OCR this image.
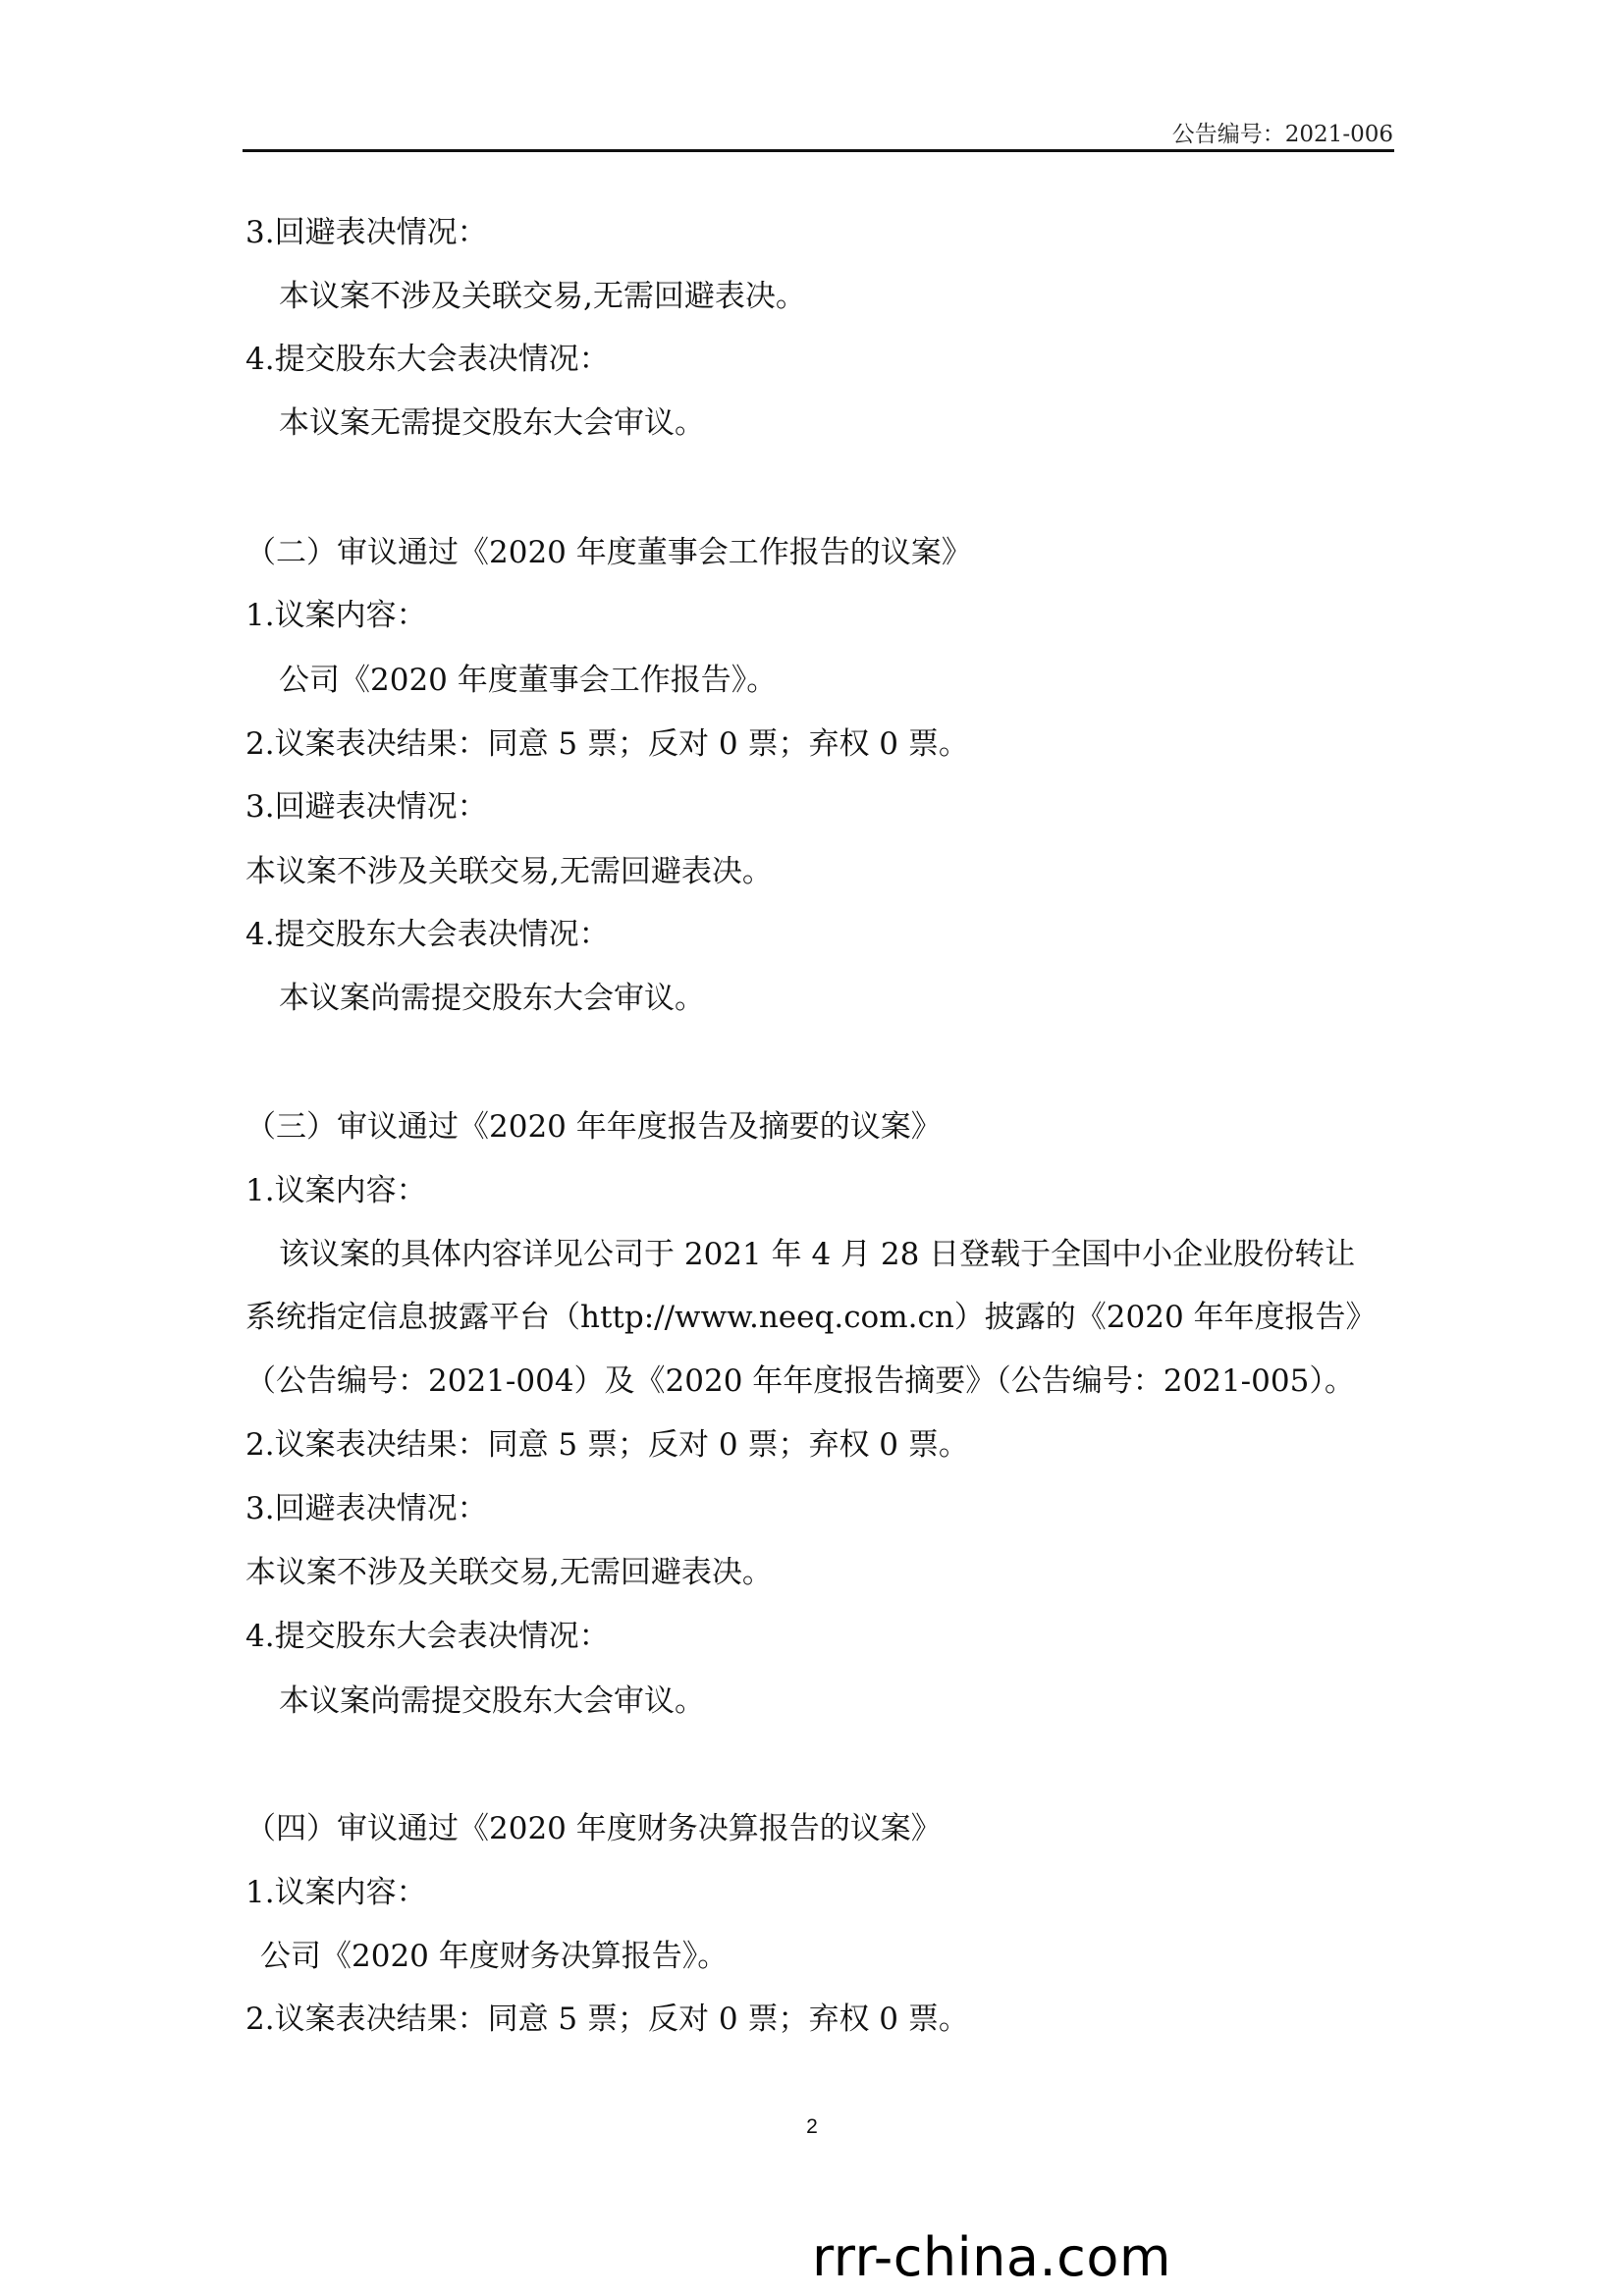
公告编号：2021-006
3.回避表决情况：
本议案不涉及关联交易,无需回避表决。
4.提交股东大会表决情况：
本议案无需提交股东大会审议。
（二）审议通过《2020 年度董事会工作报告的议案》
1.议案内容：
公司《2020 年度董事会工作报告》。
2.议案表决结果：同意 5 票；反对 0 票；弃权 0 票。
3.回避表决情况：
本议案不涉及关联交易,无需回避表决。
4.提交股东大会表决情况：
本议案尚需提交股东大会审议。
（三）审议通过《2020 年年度报告及摘要的议案》
1.议案内容：
该议案的具体内容详见公司于 2021 年 4 月 28 日登载于全国中小企业股份转让
系统指定信息披露平台（http://www.neeq.com.cn）披露的《2020 年年度报告》
（公告编号：2021-004）及《2020 年年度报告摘要》（公告编号：2021-005）。
2.议案表决结果：同意 5 票；反对 0 票；弃权 0 票。
3.回避表决情况：
本议案不涉及关联交易,无需回避表决。
4.提交股东大会表决情况：
本议案尚需提交股东大会审议。
（四）审议通过《2020 年度财务决算报告的议案》
1.议案内容：
公司《2020 年度财务决算报告》。
2.议案表决结果：同意 5 票；反对 0 票；弃权 0 票。
2
rrr-china.com
